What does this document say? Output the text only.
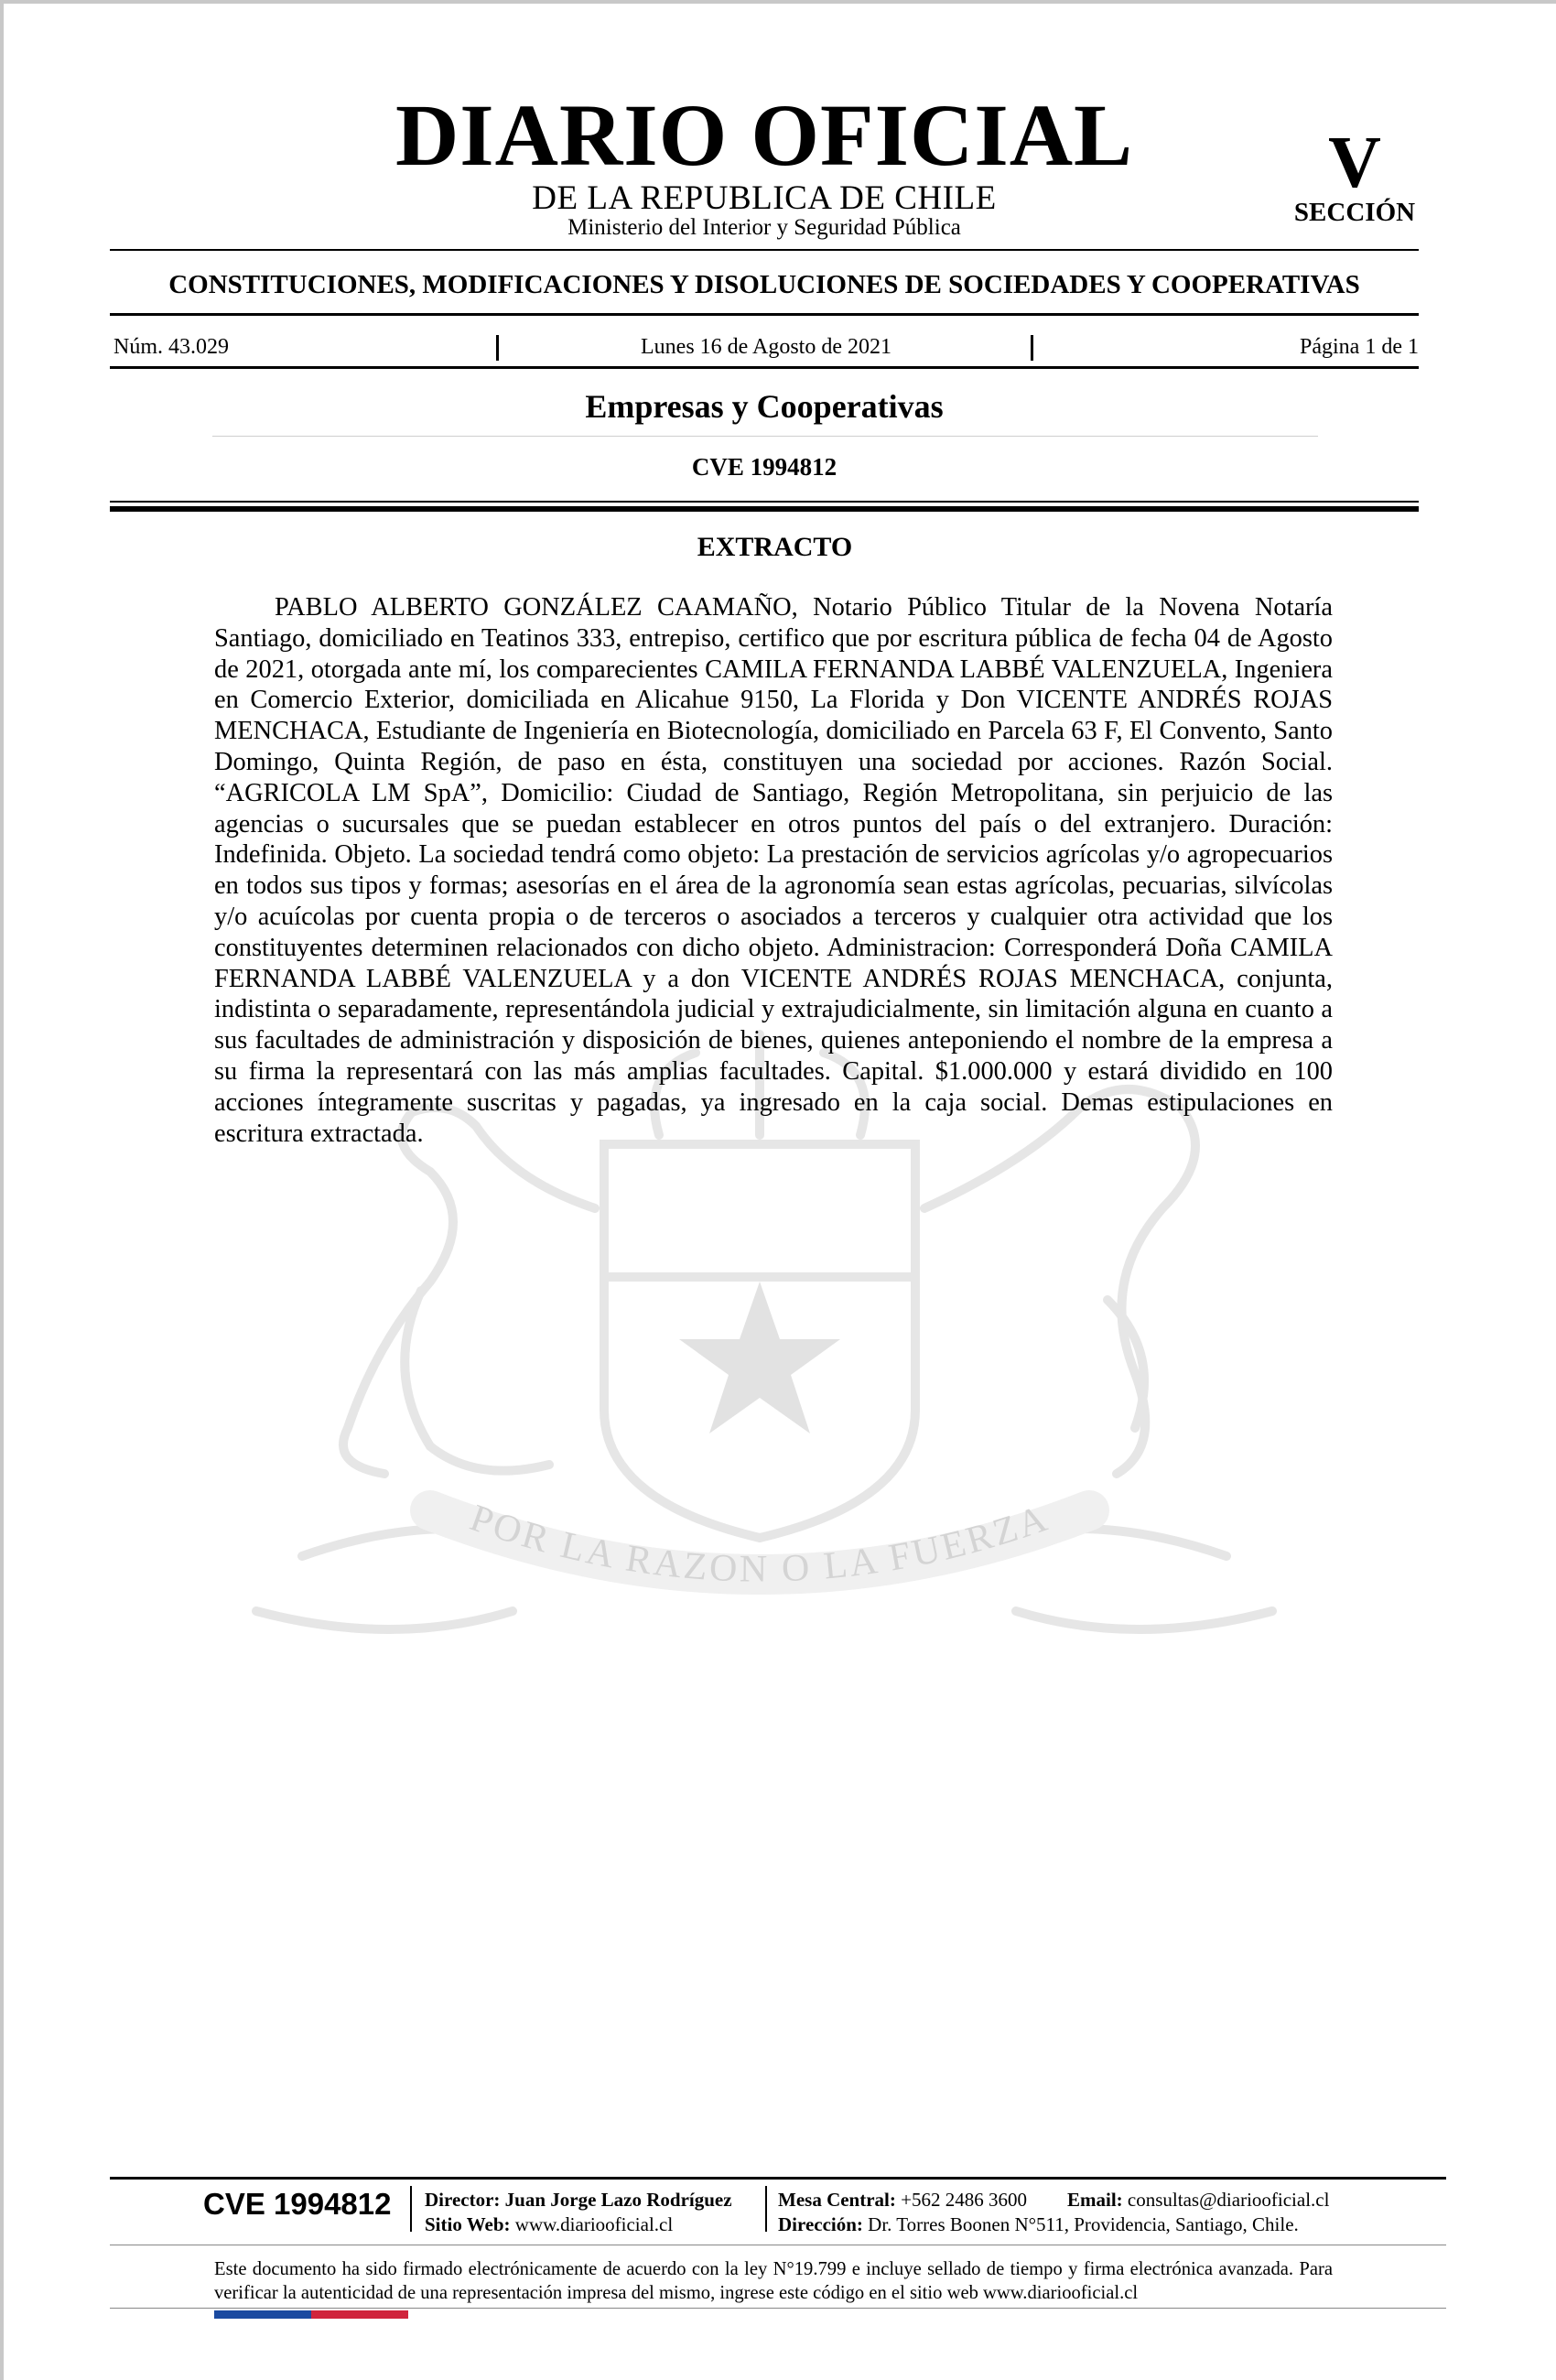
POR LA RAZON O LA FUERZA
DIARIO OFICIAL
DE LA REPUBLICA DE CHILE
Ministerio del Interior y Seguridad Pública
V
SECCIÓN
CONSTITUCIONES, MODIFICACIONES Y DISOLUCIONES DE SOCIEDADES Y COOPERATIVAS
Núm. 43.029	Lunes 16 de Agosto de 2021	Página 1 de 1
Empresas y Cooperativas
CVE 1994812
EXTRACTO

PABLO ALBERTO GONZÁLEZ CAAMAÑO, Notario Público Titular de la Novena Notaría Santiago, domiciliado en Teatinos 333, entrepiso, certifico que por escritura pública de fecha 04 de Agosto de 2021, otorgada ante mí, los comparecientes CAMILA FERNANDA LABBÉ VALENZUELA, Ingeniera en Comercio Exterior, domiciliada en Alicahue 9150, La Florida y Don VICENTE ANDRÉS ROJAS MENCHACA, Estudiante de Ingeniería en Biotecnología, domiciliado en Parcela 63 F, El Convento, Santo Domingo, Quinta Región, de paso en ésta, constituyen una sociedad por acciones. Razón Social. “AGRICOLA LM SpA”, Domicilio: Ciudad de Santiago, Región Metropolitana, sin perjuicio de las agencias o sucursales que se puedan establecer en otros puntos del país o del extranjero. Duración: Indefinida. Objeto. La sociedad tendrá como objeto: La prestación de servicios agrícolas y/o agropecuarios en todos sus tipos y formas; asesorías en el área de la agronomía sean estas agrícolas, pecuarias, silvícolas y/o acuícolas por cuenta propia o de terceros o asociados a terceros y cualquier otra actividad que los constituyentes determinen relacionados con dicho objeto. Administracion: Corresponderá Doña CAMILA FERNANDA LABBÉ VALENZUELA y a don VICENTE ANDRÉS ROJAS MENCHACA, conjunta, indistinta o separadamente, representándola judicial y extrajudicialmente, sin limitación alguna en cuanto a sus facultades de administración y disposición de bienes, quienes anteponiendo el nombre de la empresa a su firma la representará con las más amplias facultades. Capital. $1.000.000 y estará dividido en 100 acciones íntegramente suscritas y pagadas, ya ingresado en la caja social. Demas estipulaciones en escritura extractada.

CVE 1994812 Director: Juan Jorge Lazo Rodríguez
Sitio Web: www.diariooficial.cl
Mesa Central: +562 2486 3600 Email: consultas@diariooficial.cl
Dirección: Dr. Torres Boonen N°511, Providencia, Santiago, Chile.
Este documento ha sido firmado electrónicamente de acuerdo con la ley N°19.799 e incluye sellado de tiempo y firma electrónica avanzada. Para verificar la autenticidad de una representación impresa del mismo, ingrese este código en el sitio web www.diariooficial.cl
